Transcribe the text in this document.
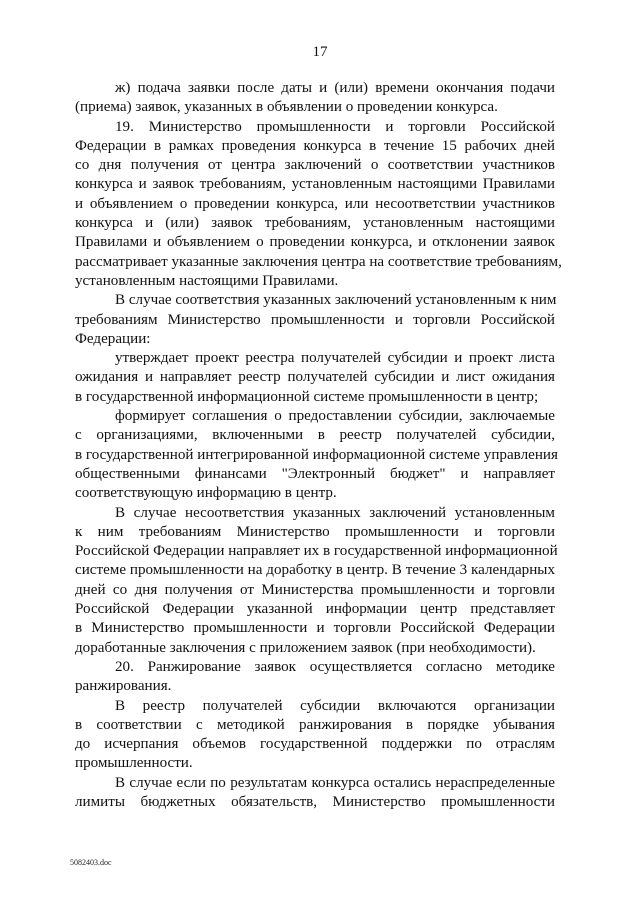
17

ж) подача заявки после даты и (или) времени окончания подачи
(приема) заявок, указанных в объявлении о проведении конкурса.

19. Министерство промышленности и торговли Российской
Федерации в рамках проведения конкурса в течение 15 рабочих дней
со дня получения от центра заключений о соответствии участников
конкурса и заявок требованиям, установленным настоящими Правилами
и объявлением о проведении конкурса, или несоответствии участников
конкурса и (или) заявок требованиям, установленным настоящими
Правилами и объявлением о проведении конкурса, и отклонении заявок
рассматривает указанные заключения центра на соответствие требованиям,
установленным настоящими Правилами.

В случае соответствия указанных заключений установленным к ним
требованиям Министерство промышленности и торговли Российской
Федерации:

утверждает проект реестра получателей субсидии и проект листа
ожидания и направляет реестр получателей субсидии и лист ожидания
в государственной информационной системе промышленности в центр;

формирует соглашения о предоставлении субсидии, заключаемые
с организациями, включенными в реестр получателей субсидии,
в государственной интегрированной информационной системе управления
общественными финансами "Электронный бюджет" и направляет
соответствующую информацию в центр.

В случае несоответствия указанных заключений установленным
к ним требованиям Министерство промышленности и торговли
Российской Федерации направляет их в государственной информационной
системе промышленности на доработку в центр. В течение 3 календарных
дней со дня получения от Министерства промышленности и торговли
Российской Федерации указанной информации центр представляет
в Министерство промышленности и торговли Российской Федерации
доработанные заключения с приложением заявок (при необходимости).

20. Ранжирование заявок осуществляется согласно методике
ранжирования.

В реестр получателей субсидии включаются организации
в соответствии с методикой ранжирования в порядке убывания
до исчерпания объемов государственной поддержки по отраслям
промышленности.

В случае если по результатам конкурса остались нераспределенные
лимиты бюджетных обязательств, Министерство промышленности

5082403.doc
